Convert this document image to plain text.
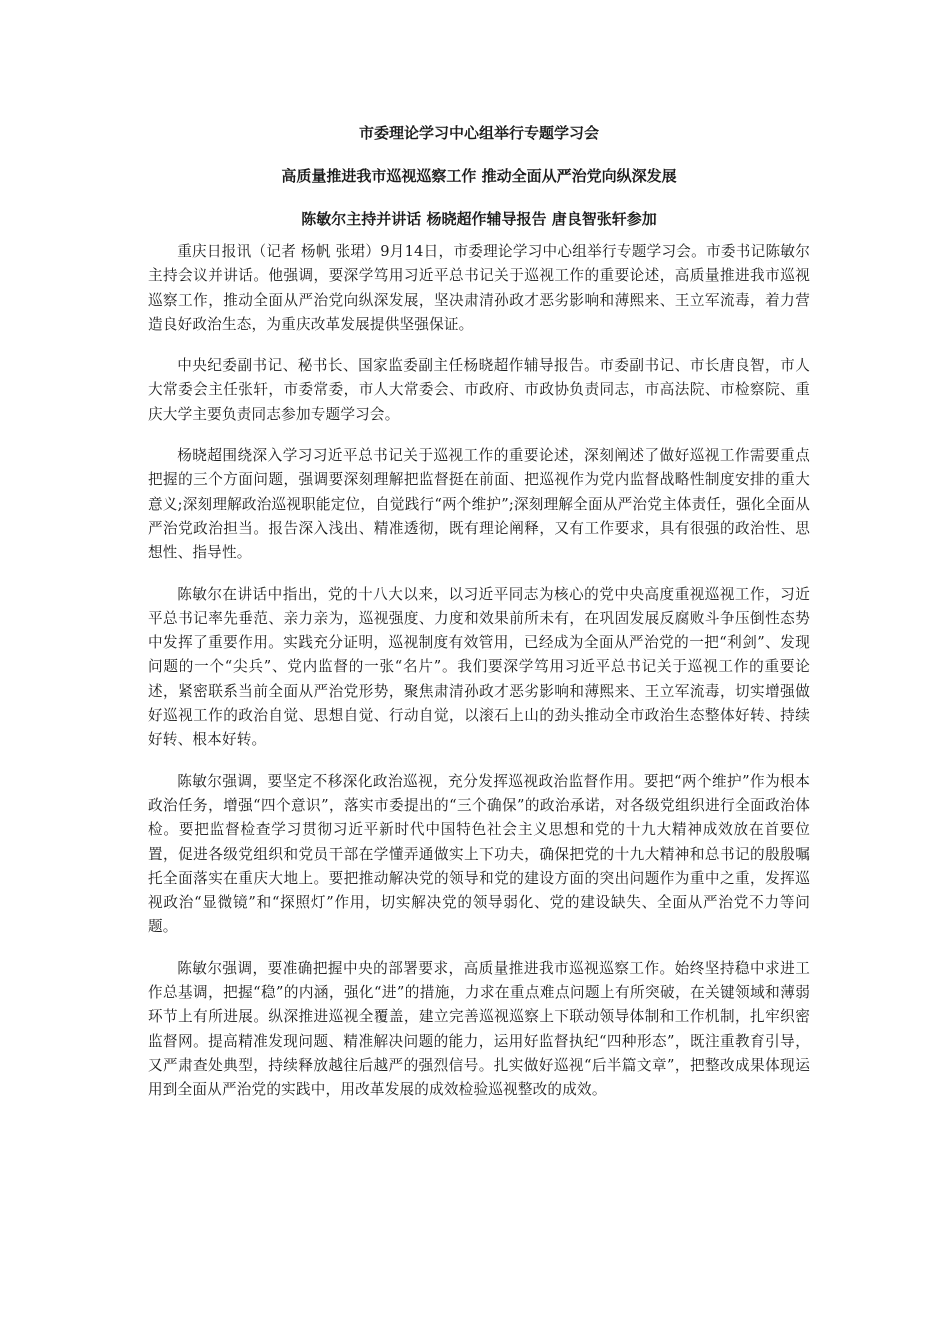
市委理论学习中心组举行专题学习会
高质量推进我市巡视巡察工作 推动全面从严治党向纵深发展
陈敏尔主持并讲话 杨晓超作辅导报告 唐良智张轩参加

重庆日报讯（记者 杨帆 张珺）9月14日，市委理论学习中心组举行专题学习会。市委书记陈敏尔主持会议并讲话。他强调，要深学笃用习近平总书记关于巡视工作的重要论述，高质量推进我市巡视巡察工作，推动全面从严治党向纵深发展，坚决肃清孙政才恶劣影响和薄熙来、王立军流毒，着力营造良好政治生态，为重庆改革发展提供坚强保证。

中央纪委副书记、秘书长、国家监委副主任杨晓超作辅导报告。市委副书记、市长唐良智，市人大常委会主任张轩，市委常委，市人大常委会、市政府、市政协负责同志，市高法院、市检察院、重庆大学主要负责同志参加专题学习会。

杨晓超围绕深入学习习近平总书记关于巡视工作的重要论述，深刻阐述了做好巡视工作需要重点把握的三个方面问题，强调要深刻理解把监督挺在前面、把巡视作为党内监督战略性制度安排的重大意义;深刻理解政治巡视职能定位，自觉践行“两个维护”;深刻理解全面从严治党主体责任，强化全面从严治党政治担当。报告深入浅出、精准透彻，既有理论阐释，又有工作要求，具有很强的政治性、思想性、指导性。

陈敏尔在讲话中指出，党的十八大以来，以习近平同志为核心的党中央高度重视巡视工作，习近平总书记率先垂范、亲力亲为，巡视强度、力度和效果前所未有，在巩固发展反腐败斗争压倒性态势中发挥了重要作用。实践充分证明，巡视制度有效管用，已经成为全面从严治党的一把“利剑”、发现问题的一个“尖兵”、党内监督的一张“名片”。我们要深学笃用习近平总书记关于巡视工作的重要论述，紧密联系当前全面从严治党形势，聚焦肃清孙政才恶劣影响和薄熙来、王立军流毒，切实增强做好巡视工作的政治自觉、思想自觉、行动自觉，以滚石上山的劲头推动全市政治生态整体好转、持续好转、根本好转。

陈敏尔强调，要坚定不移深化政治巡视，充分发挥巡视政治监督作用。要把“两个维护”作为根本政治任务，增强“四个意识”，落实市委提出的“三个确保”的政治承诺，对各级党组织进行全面政治体检。要把监督检查学习贯彻习近平新时代中国特色社会主义思想和党的十九大精神成效放在首要位置，促进各级党组织和党员干部在学懂弄通做实上下功夫，确保把党的十九大精神和总书记的殷殷嘱托全面落实在重庆大地上。要把推动解决党的领导和党的建设方面的突出问题作为重中之重，发挥巡视政治“显微镜”和“探照灯”作用，切实解决党的领导弱化、党的建设缺失、全面从严治党不力等问题。

陈敏尔强调，要准确把握中央的部署要求，高质量推进我市巡视巡察工作。始终坚持稳中求进工作总基调，把握“稳”的内涵，强化“进”的措施，力求在重点难点问题上有所突破，在关键领域和薄弱环节上有所进展。纵深推进巡视全覆盖，建立完善巡视巡察上下联动领导体制和工作机制，扎牢织密监督网。提高精准发现问题、精准解决问题的能力，运用好监督执纪“四种形态”，既注重教育引导，又严肃查处典型，持续释放越往后越严的强烈信号。扎实做好巡视“后半篇文章”，把整改成果体现运用到全面从严治党的实践中，用改革发展的成效检验巡视整改的成效。
